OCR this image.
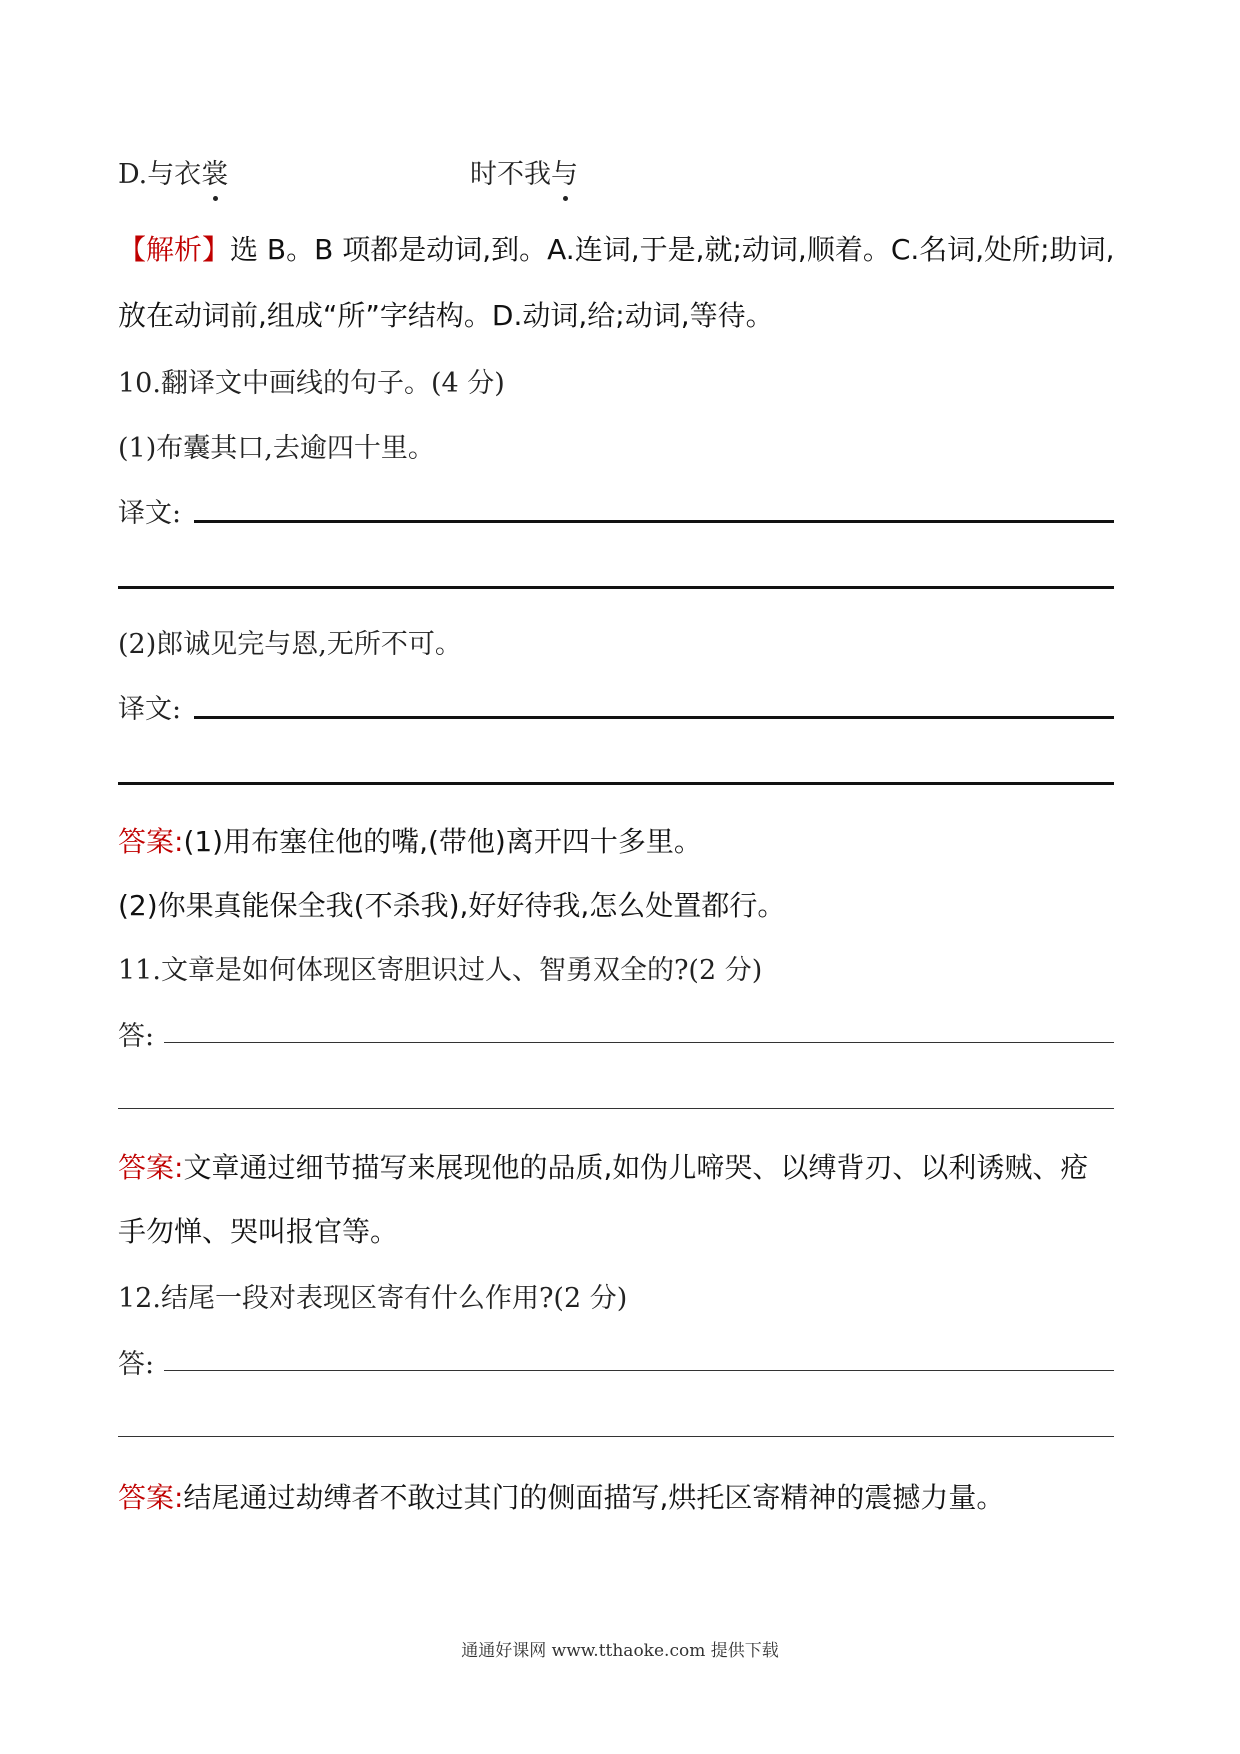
D.与衣裳	时不我与
【解析】选 B。B 项都是动词,到。A.连词,于是,就;动词,顺着。C.名词,处所;助词,
放在动词前,组成“所”字结构。D.动词,给;动词,等待。
10.翻译文中画线的句子。(4 分)
(1)布囊其口,去逾四十里。
译文:
(2)郎诚见完与恩,无所不可。
译文:
答案:(1)用布塞住他的嘴,(带他)离开四十多里。
(2)你果真能保全我(不杀我),好好待我,怎么处置都行。
11.文章是如何体现区寄胆识过人、智勇双全的?(2 分)
答:
答案:文章通过细节描写来展现他的品质,如伪儿啼哭、以缚背刃、以利诱贼、疮
手勿惮、哭叫报官等。
12.结尾一段对表现区寄有什么作用?(2 分)
答:
答案:结尾通过劫缚者不敢过其门的侧面描写,烘托区寄精神的震撼力量。
通通好课网 www.tthaoke.com 提供下载
